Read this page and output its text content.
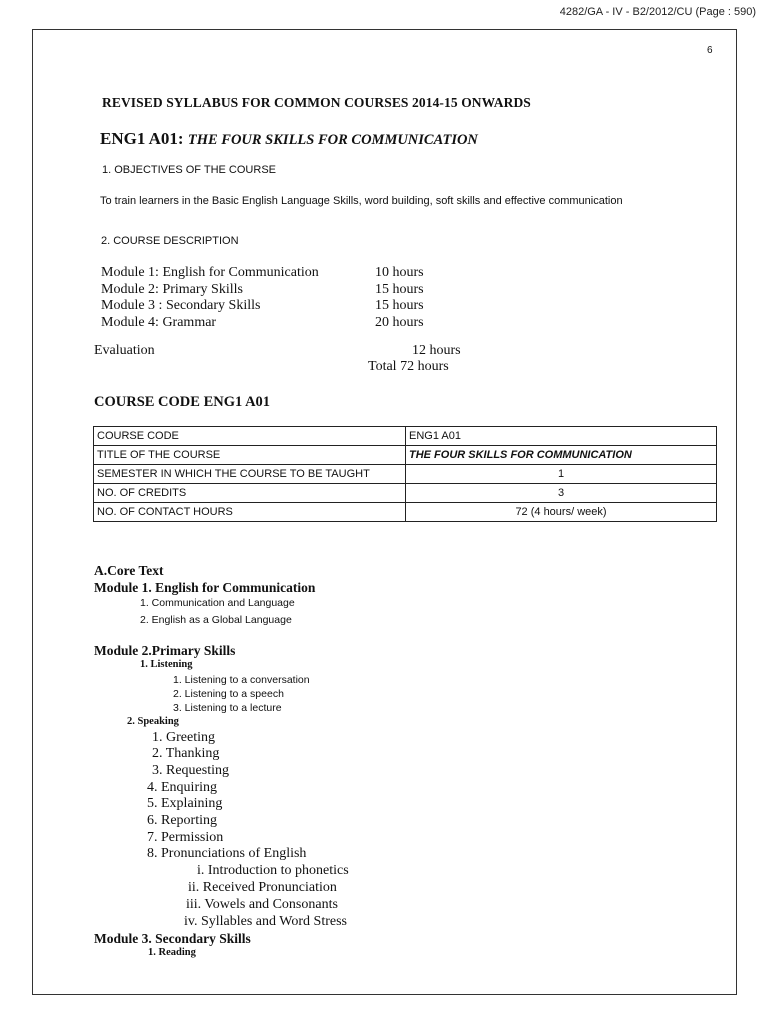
4282/GA - IV - B2/2012/CU (Page : 590)
6
REVISED SYLLABUS FOR COMMON COURSES 2014-15 ONWARDS
ENG1 A01: THE FOUR SKILLS FOR COMMUNICATION
1. OBJECTIVES OF THE COURSE
To train learners in the Basic English Language Skills, word building, soft skills and effective communication
2. COURSE DESCRIPTION
Module 1: English for Communication	10 hours
Module 2: Primary Skills	15 hours
Module 3 : Secondary Skills	15 hours
Module 4: Grammar	20 hours
Evaluation	12 hours
Total 72 hours
COURSE CODE ENG1 A01
COURSE CODE	ENG1 A01
TITLE OF THE COURSE	THE FOUR SKILLS FOR COMMUNICATION
SEMESTER IN WHICH THE COURSE TO BE TAUGHT	1
NO. OF CREDITS	3
NO. OF CONTACT HOURS	72 (4 hours/ week)
A.Core Text
Module 1. English for Communication
1. Communication and Language
2. English as a Global Language
Module 2.Primary Skills
1. Listening
1. Listening to a conversation
2. Listening to a speech
3. Listening to a lecture
2. Speaking
1. Greeting
2. Thanking
3. Requesting
4. Enquiring
5. Explaining
6. Reporting
7. Permission
8. Pronunciations of English
i. Introduction to phonetics
ii. Received Pronunciation
iii. Vowels and Consonants
iv. Syllables and Word Stress
Module 3. Secondary Skills
1. Reading
